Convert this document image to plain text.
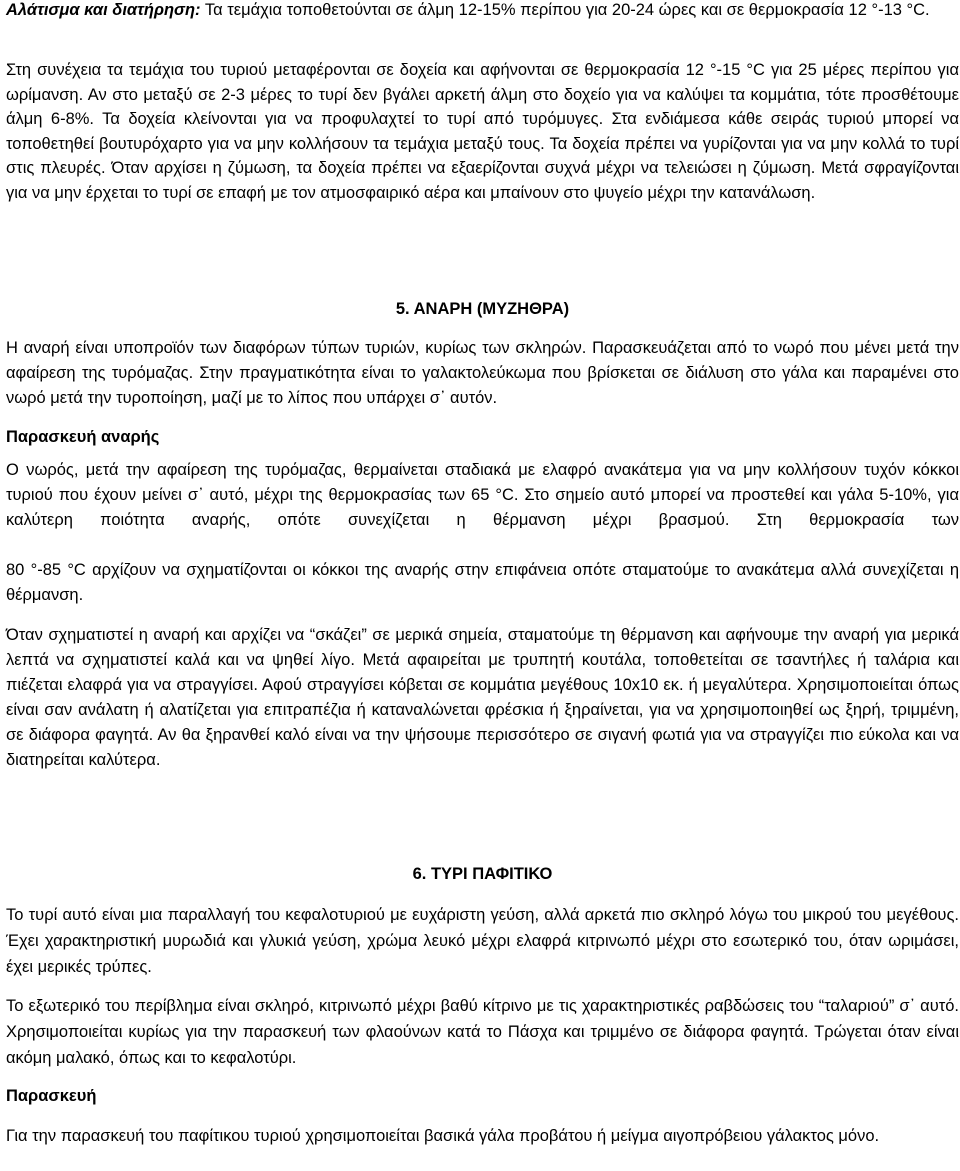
Αλάτισμα και διατήρηση: Τα τεμάχια τοποθετούνται σε άλμη 12-15% περίπου για 20-24 ώρες και σε θερμοκρασία 12 °-13 °C.

Στη συνέχεια τα τεμάχια του τυριού μεταφέρονται σε δοχεία και αφήνονται σε θερμοκρασία 12 °-15 °C για 25 μέρες περίπου για ωρίμανση. Αν στο μεταξύ σε 2-3 μέρες το τυρί δεν βγάλει αρκετή άλμη στο δοχείο για να καλύψει τα κομμάτια, τότε προσθέτουμε άλμη 6-8%. Τα δοχεία κλείνονται για να προφυλαχτεί το τυρί από τυρόμυγες. Στα ενδιάμεσα κάθε σειράς τυριού μπορεί να τοποθετηθεί βουτυρόχαρτο για να μην κολλήσουν τα τεμάχια μεταξύ τους. Τα δοχεία πρέπει να γυρίζονται για να μην κολλά το τυρί στις πλευρές. Όταν αρχίσει η ζύμωση, τα δοχεία πρέπει να εξαερίζονται συχνά μέχρι να τελειώσει η ζύμωση. Μετά σφραγίζονται για να μην έρχεται το τυρί σε επαφή με τον ατμοσφαιρικό αέρα και μπαίνουν στο ψυγείο μέχρι την κατανάλωση.

5. ΑΝΑΡΗ (ΜΥΖΗΘΡΑ)

Η αναρή είναι υποπροϊόν των διαφόρων τύπων τυριών, κυρίως των σκληρών. Παρασκευάζεται από το νωρό που μένει μετά την αφαίρεση της τυρόμαζας. Στην πραγματικότητα είναι το γαλακτολεύκωμα που βρίσκεται σε διάλυση στο γάλα και παραμένει στο νωρό μετά την τυροποίηση, μαζί με το λίπος που υπάρχει σ᾽ αυτόν.

Παρασκευή αναρής

Ο νωρός, μετά την αφαίρεση της τυρόμαζας, θερμαίνεται σταδιακά με ελαφρό ανακάτεμα για να μην κολλήσουν τυχόν κόκκοι τυριού που έχουν μείνει σ᾽ αυτό, μέχρι της θερμοκρασίας των 65 °C. Στο σημείο αυτό μπορεί να προστεθεί και γάλα 5-10%, για καλύτερη ποιότητα αναρής, οπότε συνεχίζεται η θέρμανση μέχρι βρασμού. Στη θερμοκρασία των

80 °-85 °C αρχίζουν να σχηματίζονται οι κόκκοι της αναρής στην επιφάνεια οπότε σταματούμε το ανακάτεμα αλλά συνεχίζεται η θέρμανση.

Όταν σχηματιστεί η αναρή και αρχίζει να “σκάζει” σε μερικά σημεία, σταματούμε τη θέρμανση και αφήνουμε την αναρή για μερικά λεπτά να σχηματιστεί καλά και να ψηθεί λίγο. Μετά αφαιρείται με τρυπητή κουτάλα, τοποθετείται σε τσαντήλες ή ταλάρια και πιέζεται ελαφρά για να στραγγίσει. Αφού στραγγίσει κόβεται σε κομμάτια μεγέθους 10x10 εκ. ή μεγαλύτερα. Χρησιμοποιείται όπως είναι σαν ανάλατη ή αλατίζεται για επιτραπέζια ή καταναλώνεται φρέσκια ή ξηραίνεται, για να χρησιμοποιηθεί ως ξηρή, τριμμένη, σε διάφορα φαγητά. Αν θα ξηρανθεί καλό είναι να την ψήσουμε περισσότερο σε σιγανή φωτιά για να στραγγίζει πιο εύκολα και να διατηρείται καλύτερα.

6. ΤΥΡΙ ΠΑΦΙΤΙΚΟ

Το τυρί αυτό είναι μια παραλλαγή του κεφαλοτυριού με ευχάριστη γεύση, αλλά αρκετά πιο σκληρό λόγω του μικρού του μεγέθους. Έχει χαρακτηριστική μυρωδιά και γλυκιά γεύση, χρώμα λευκό μέχρι ελαφρά κιτρινωπό μέχρι στο εσωτερικό του, όταν ωριμάσει, έχει μερικές τρύπες.

Το εξωτερικό του περίβλημα είναι σκληρό, κιτρινωπό μέχρι βαθύ κίτρινο με τις χαρακτηριστικές ραβδώσεις του “ταλαριού” σ᾽ αυτό. Χρησιμοποιείται κυρίως για την παρασκευή των φλαούνων κατά το Πάσχα και τριμμένο σε διάφορα φαγητά. Τρώγεται όταν είναι ακόμη μαλακό, όπως και το κεφαλοτύρι.

Παρασκευή

Για την παρασκευή του παφίτικου τυριού χρησιμοποιείται βασικά γάλα προβάτου ή μείγμα αιγοπρόβειου γάλακτος μόνο.
